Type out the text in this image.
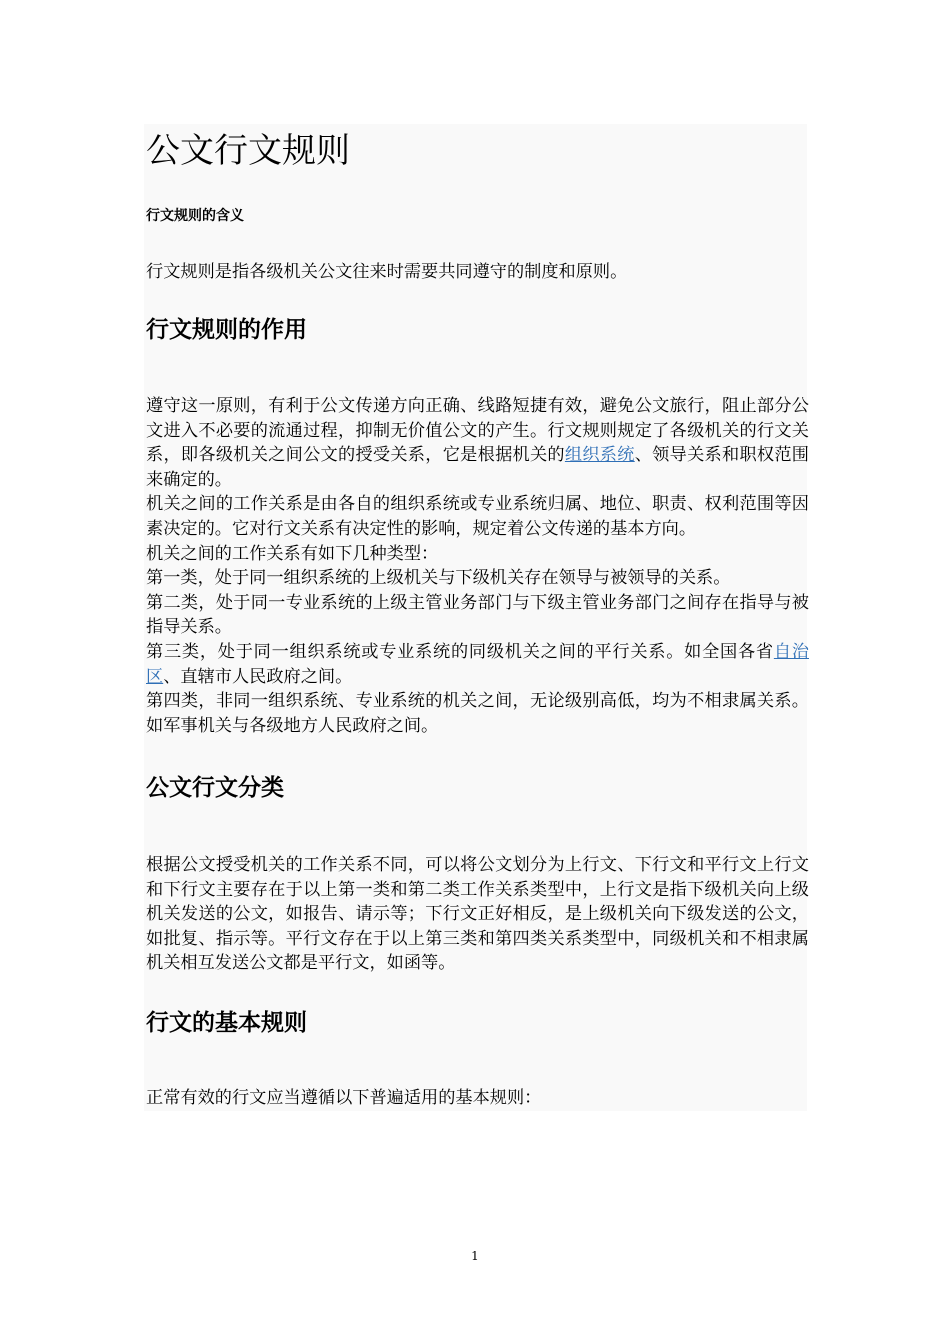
公文行文规则
行文规则的含义

行文规则是指各级机关公文往来时需要共同遵守的制度和原则。

行文规则的作用

遵守这一原则，有利于公文传递方向正确、线路短捷有效，避免公文旅行，阻止部分公文进入不必要的流通过程，抑制无价值公文的产生。行文规则规定了各级机关的行文关系，即各级机关之间公文的授受关系，它是根据机关的组织系统、领导关系和职权范围来确定的。

机关之间的工作关系是由各自的组织系统或专业系统归属、地位、职责、权利范围等因素决定的。它对行文关系有决定性的影响，规定着公文传递的基本方向。

机关之间的工作关系有如下几种类型：

第一类，处于同一组织系统的上级机关与下级机关存在领导与被领导的关系。

第二类，处于同一专业系统的上级主管业务部门与下级主管业务部门之间存在指导与被指导关系。

第三类，处于同一组织系统或专业系统的同级机关之间的平行关系。如全国各省自治区、直辖市人民政府之间。

第四类，非同一组织系统、专业系统的机关之间，无论级别高低，均为不相隶属关系。如军事机关与各级地方人民政府之间。

公文行文分类

根据公文授受机关的工作关系不同，可以将公文划分为上行文、下行文和平行文上行文和下行文主要存在于以上第一类和第二类工作关系类型中，上行文是指下级机关向上级机关发送的公文，如报告、请示等；下行文正好相反，是上级机关向下级发送的公文，如批复、指示等。平行文存在于以上第三类和第四类关系类型中，同级机关和不相隶属机关相互发送公文都是平行文，如函等。

行文的基本规则

正常有效的行文应当遵循以下普遍适用的基本规则：

1
